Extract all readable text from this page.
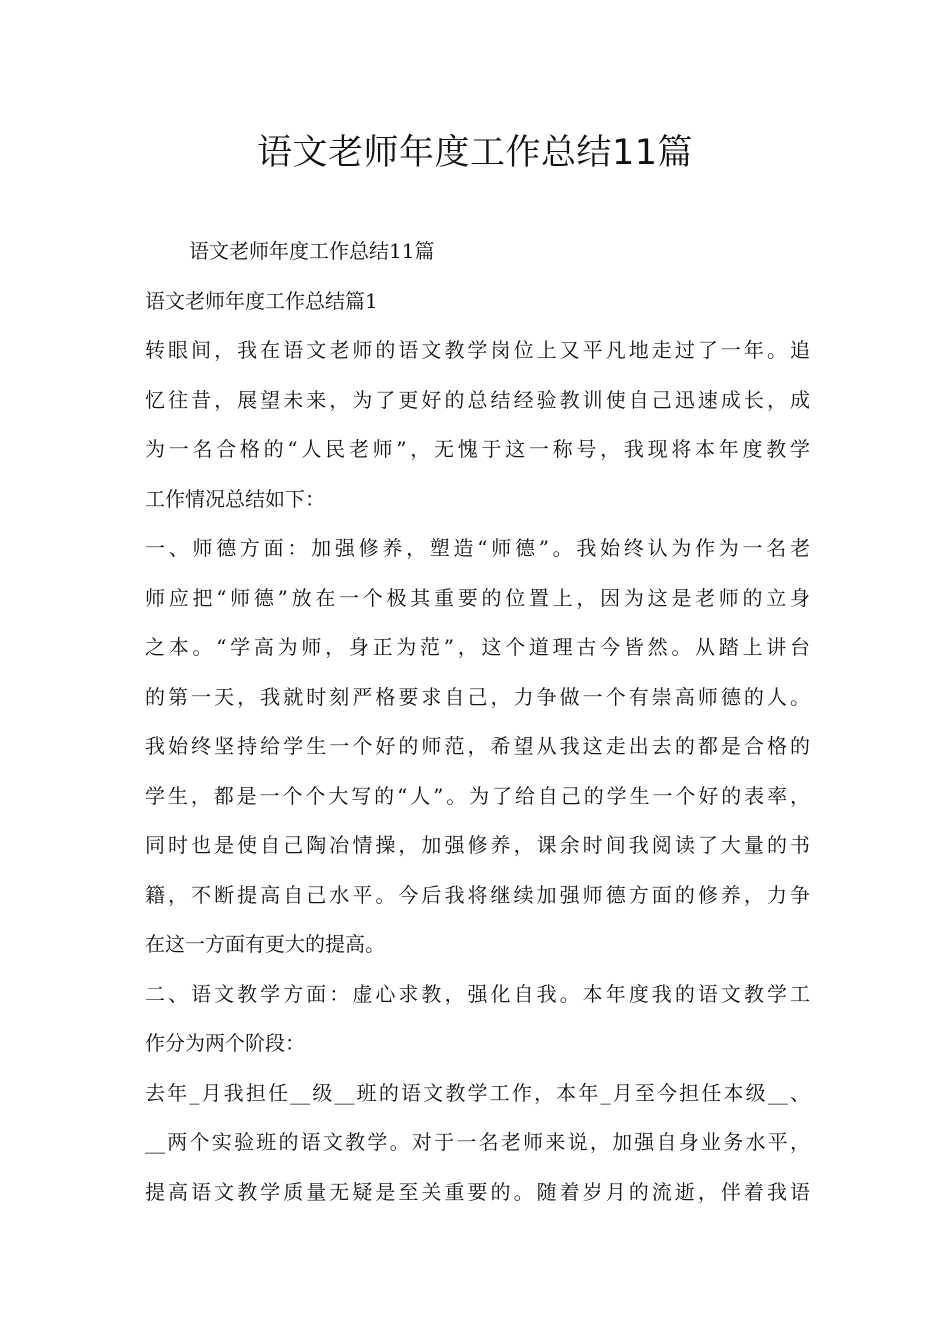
语文老师年度工作总结11篇
语文老师年度工作总结11篇
语文老师年度工作总结篇1
转眼间，我在语文老师的语文教学岗位上又平凡地走过了一年。追
忆往昔，展望未来，为了更好的总结经验教训使自己迅速成长，成
为一名合格的“人民老师”，无愧于这一称号，我现将本年度教学
工作情况总结如下：
一、师德方面：加强修养，塑造“师德”。我始终认为作为一名老
师应把“师德”放在一个极其重要的位置上，因为这是老师的立身
之本。“学高为师，身正为范”，这个道理古今皆然。从踏上讲台
的第一天，我就时刻严格要求自己，力争做一个有崇高师德的人。
我始终坚持给学生一个好的师范，希望从我这走出去的都是合格的
学生，都是一个个大写的“人”。为了给自己的学生一个好的表率，
同时也是使自己陶冶情操，加强修养，课余时间我阅读了大量的书
籍，不断提高自己水平。今后我将继续加强师德方面的修养，力争
在这一方面有更大的提高。
二、语文教学方面：虚心求教，强化自我。本年度我的语文教学工
作分为两个阶段：
去年_月我担任__级__班的语文教学工作，本年_月至今担任本级__、
__两个实验班的语文教学。对于一名老师来说，加强自身业务水平，
提高语文教学质量无疑是至关重要的。随着岁月的流逝，伴着我语
